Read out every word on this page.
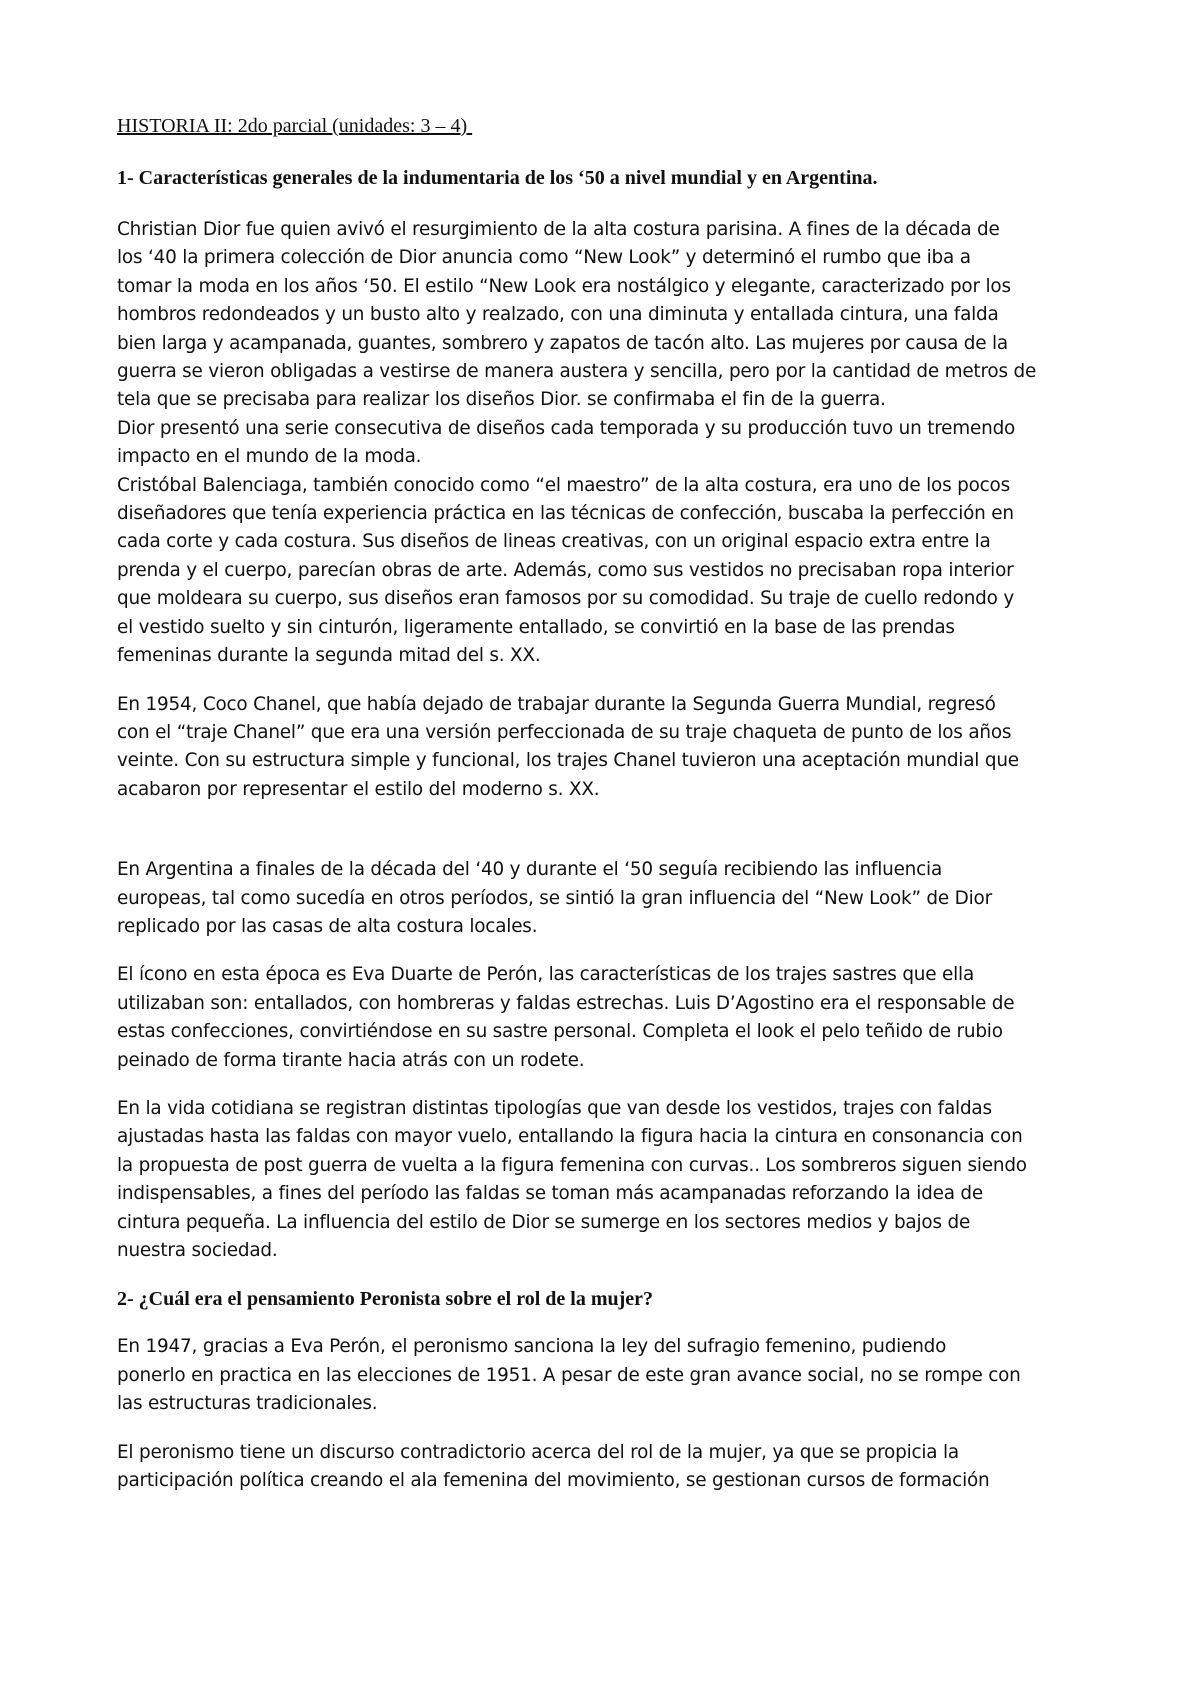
HISTORIA II: 2do parcial (unidades: 3 – 4)
1- Características generales de la indumentaria de los ‘50 a nivel mundial y en Argentina.
Christian Dior fue quien avivó el resurgimiento de la alta costura parisina. A fines de la década de
los ‘40 la primera colección de Dior anuncia como “New Look” y determinó el rumbo que iba a
tomar la moda en los años ‘50. El estilo “New Look era nostálgico y elegante, caracterizado por los
hombros redondeados y un busto alto y realzado, con una diminuta y entallada cintura, una falda
bien larga y acampanada, guantes, sombrero y zapatos de tacón alto. Las mujeres por causa de la
guerra se vieron obligadas a vestirse de manera austera y sencilla, pero por la cantidad de metros de
tela que se precisaba para realizar los diseños Dior. se confirmaba el fin de la guerra.
Dior presentó una serie consecutiva de diseños cada temporada y su producción tuvo un tremendo
impacto en el mundo de la moda.
Cristóbal Balenciaga, también conocido como “el maestro” de la alta costura, era uno de los pocos
diseñadores que tenía experiencia práctica en las técnicas de confección, buscaba la perfección en
cada corte y cada costura. Sus diseños de lineas creativas, con un original espacio extra entre la
prenda y el cuerpo, parecían obras de arte. Además, como sus vestidos no precisaban ropa interior
que moldeara su cuerpo, sus diseños eran famosos por su comodidad. Su traje de cuello redondo y
el vestido suelto y sin cinturón, ligeramente entallado, se convirtió en la base de las prendas
femeninas durante la segunda mitad del s. XX.
En 1954, Coco Chanel, que había dejado de trabajar durante la Segunda Guerra Mundial, regresó
con el “traje Chanel” que era una versión perfeccionada de su traje chaqueta de punto de los años
veinte. Con su estructura simple y funcional, los trajes Chanel tuvieron una aceptación mundial que
acabaron por representar el estilo del moderno s. XX.
En Argentina a finales de la década del ‘40 y durante el ‘50 seguía recibiendo las influencia
europeas, tal como sucedía en otros períodos, se sintió la gran influencia del “New Look” de Dior
replicado por las casas de alta costura locales.
El ícono en esta época es Eva Duarte de Perón, las características de los trajes sastres que ella
utilizaban son: entallados, con hombreras y faldas estrechas. Luis D’Agostino era el responsable de
estas confecciones, convirtiéndose en su sastre personal. Completa el look el pelo teñido de rubio
peinado de forma tirante hacia atrás con un rodete.
En la vida cotidiana se registran distintas tipologías que van desde los vestidos, trajes con faldas
ajustadas hasta las faldas con mayor vuelo, entallando la figura hacia la cintura en consonancia con
la propuesta de post guerra de vuelta a la figura femenina con curvas.. Los sombreros siguen siendo
indispensables, a fines del período las faldas se toman más acampanadas reforzando la idea de
cintura pequeña. La influencia del estilo de Dior se sumerge en los sectores medios y bajos de
nuestra sociedad.
2- ¿Cuál era el pensamiento Peronista sobre el rol de la mujer?
En 1947, gracias a Eva Perón, el peronismo sanciona la ley del sufragio femenino, pudiendo
ponerlo en practica en las elecciones de 1951. A pesar de este gran avance social, no se rompe con
las estructuras tradicionales.
El peronismo tiene un discurso contradictorio acerca del rol de la mujer, ya que se propicia la
participación política creando el ala femenina del movimiento, se gestionan cursos de formación
